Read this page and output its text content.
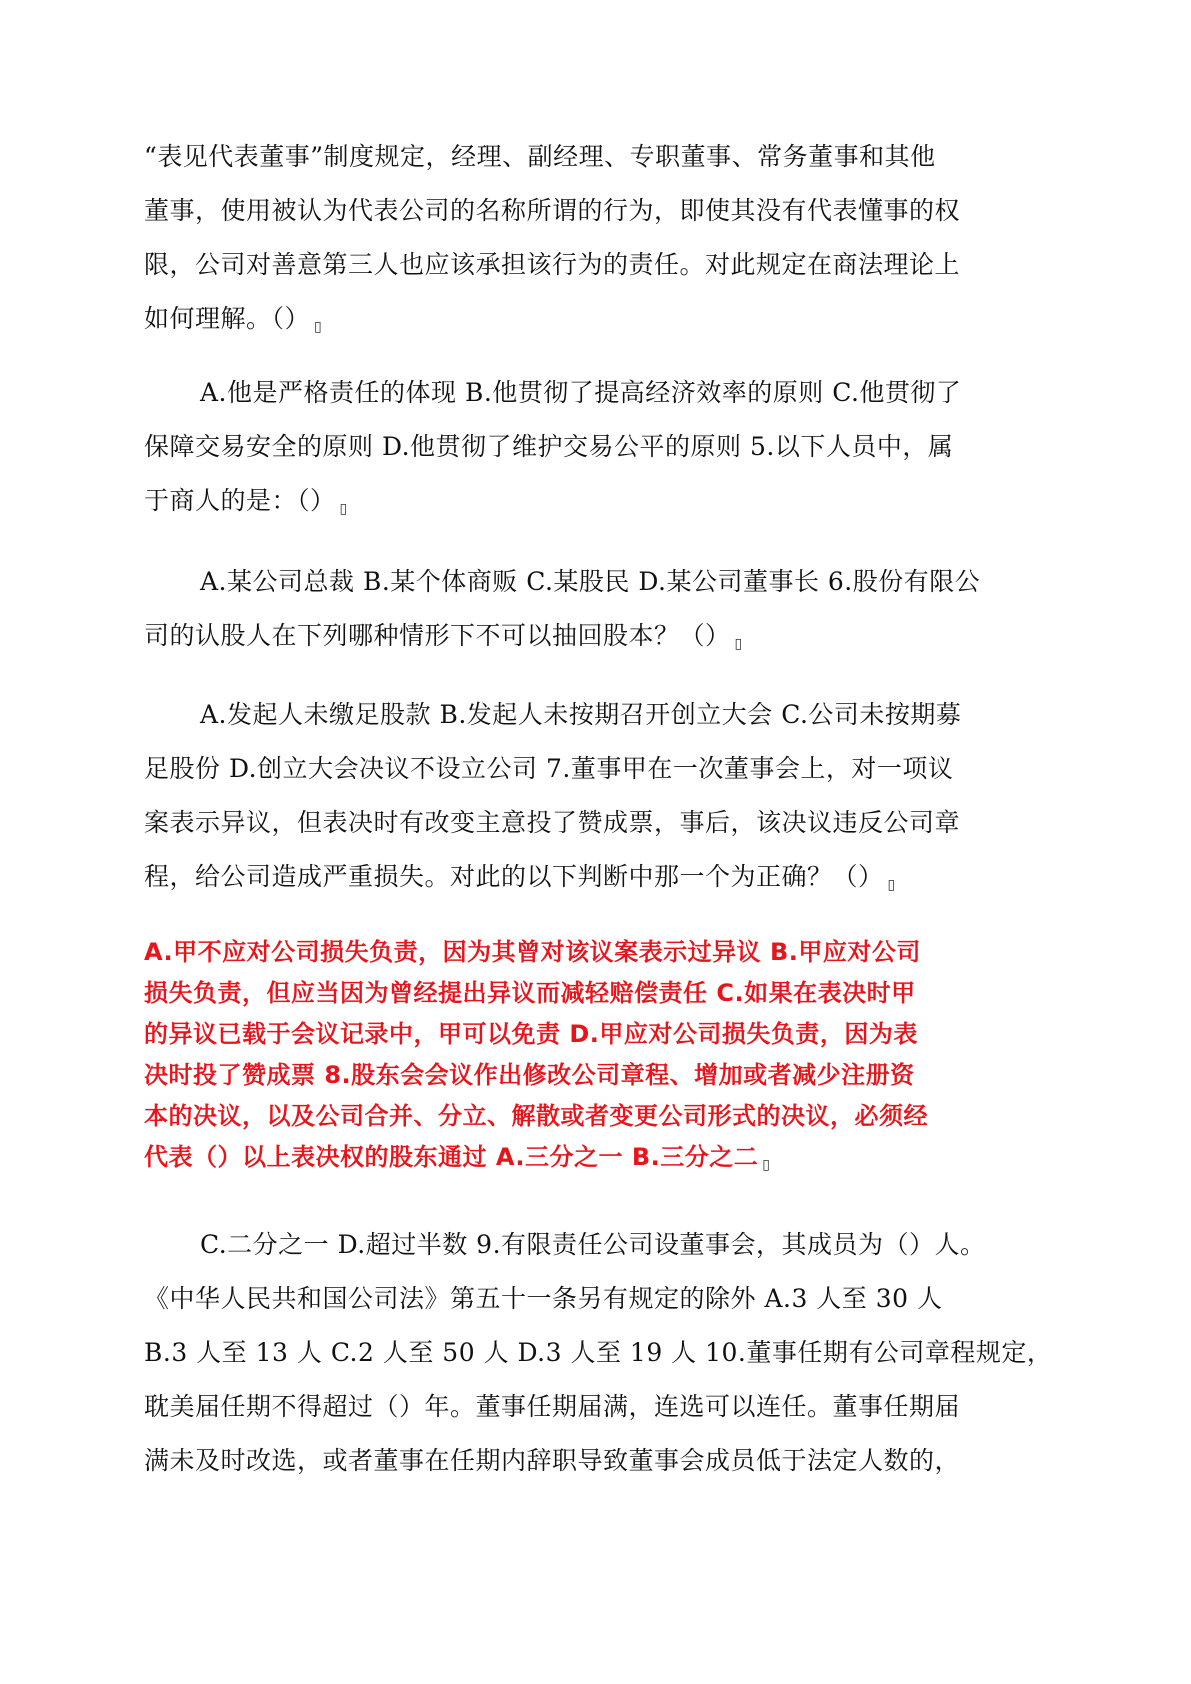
“表见代表董事”制度规定，经理、副经理、专职董事、常务董事和其他
董事，使用被认为代表公司的名称所谓的行为，即使其没有代表懂事的权
限，公司对善意第三人也应该承担该行为的责任。对此规定在商法理论上
如何理解。（） ▯
A.他是严格责任的体现 B.他贯彻了提高经济效率的原则 C.他贯彻了
保障交易安全的原则 D.他贯彻了维护交易公平的原则 5.以下人员中，属
于商人的是：（） ▯
A.某公司总裁 B.某个体商贩 C.某股民 D.某公司董事长 6.股份有限公
司的认股人在下列哪种情形下不可以抽回股本？（） ▯
A.发起人未缴足股款 B.发起人未按期召开创立大会 C.公司未按期募
足股份 D.创立大会决议不设立公司 7.董事甲在一次董事会上，对一项议
案表示异议，但表决时有改变主意投了赞成票，事后，该决议违反公司章
程，给公司造成严重损失。对此的以下判断中那一个为正确？（） ▯
A.甲不应对公司损失负责，因为其曾对该议案表示过异议 B.甲应对公司
损失负责，但应当因为曾经提出异议而减轻赔偿责任 C.如果在表决时甲
的异议已载于会议记录中，甲可以免责 D.甲应对公司损失负责，因为表
决时投了赞成票 8.股东会会议作出修改公司章程、增加或者减少注册资
本的决议，以及公司合并、分立、解散或者变更公司形式的决议，必须经
代表（）以上表决权的股东通过 A.三分之一 B.三分之二 ▯
C.二分之一 D.超过半数 9.有限责任公司设董事会，其成员为（）人。
《中华人民共和国公司法》第五十一条另有规定的除外 A.3 人至 30 人
B.3 人至 13 人 C.2 人至 50 人 D.3 人至 19 人 10.董事任期有公司章程规定，
耽美届任期不得超过（）年。董事任期届满，连选可以连任。董事任期届
满未及时改选，或者董事在任期内辞职导致董事会成员低于法定人数的，
